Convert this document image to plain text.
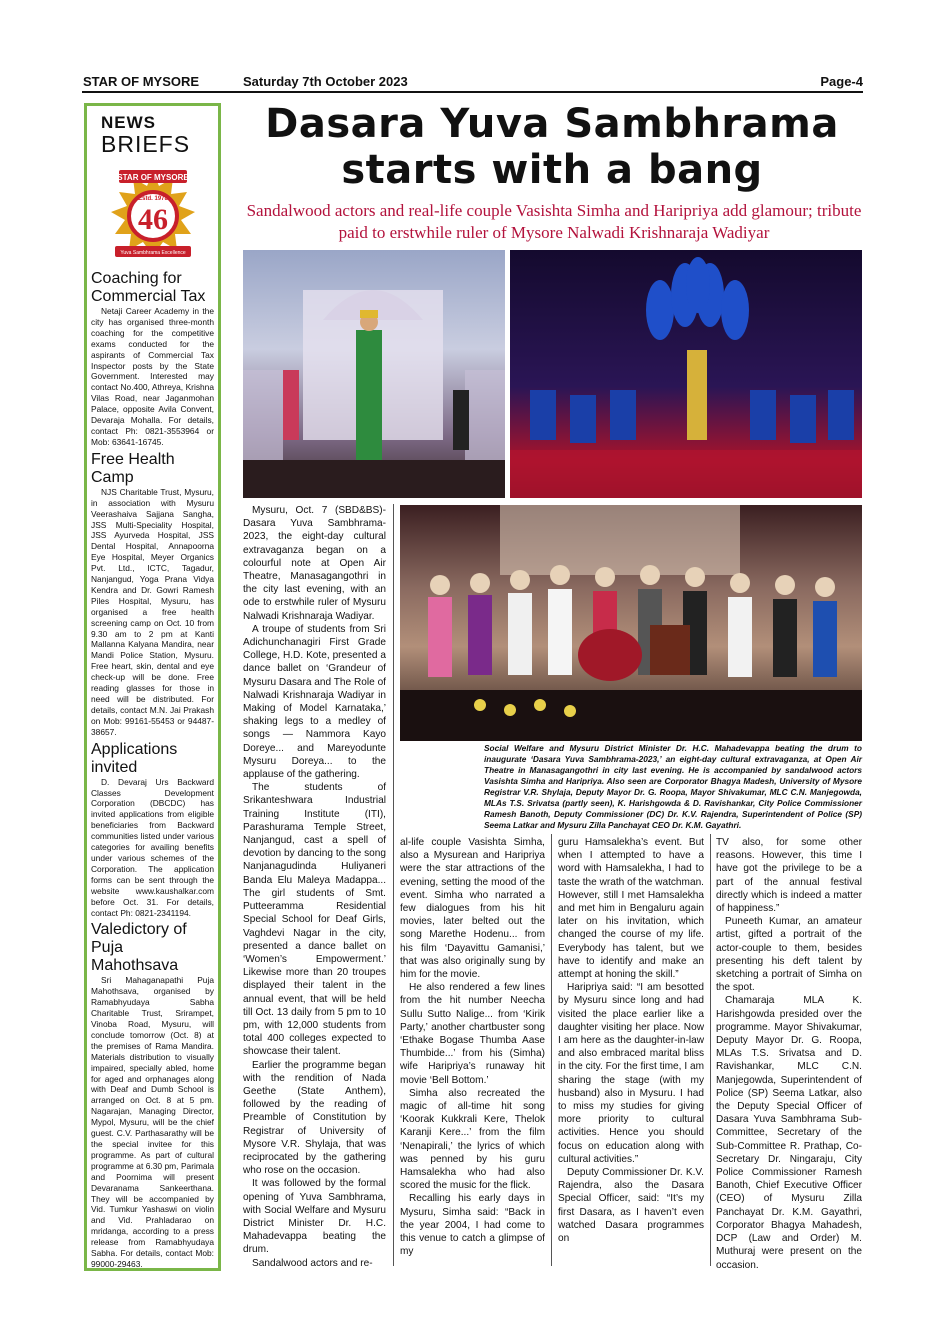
STAR OF MYSORE	Saturday 7th October 2023	Page-4
NEWS
BRIEFS
STAR OF MYSORE
Estd. 1978
46
Yuva Sambhrama Excellence
Coaching for Commercial Tax

Netaji Career Academy in the city has organised three-month coaching for the competitive exams conducted for the aspirants of Commercial Tax Inspector posts by the State Government. Interested may contact No.400, Athreya, Krishna Vilas Road, near Jaganmohan Palace, opposite Avila Convent, Devaraja Mohalla. For details, contact Ph: 0821-3553964 or Mob: 63641-16745.

Free Health Camp

NJS Charitable Trust, Mysuru, in association with Mysuru Veerashaiva Sajjana Sangha, JSS Multi-Speciality Hospital, JSS Ayurveda Hospital, JSS Dental Hospital, Annapoorna Eye Hospital, Meyer Organics Pvt. Ltd., ICTC, Tagadur, Nanjangud, Yoga Prana Vidya Kendra and Dr. Gowri Ramesh Piles Hospital, Mysuru, has organised a free health screening camp on Oct. 10 from 9.30 am to 2 pm at Kanti Mallanna Kalyana Mandira, near Mandi Police Station, Mysuru. Free heart, skin, dental and eye check-up will be done. Free reading glasses for those in need will be distributed. For details, contact M.N. Jai Prakash on Mob: 99161-55453 or 94487-38657.

Applications invited

D. Devaraj Urs Backward Classes Development Corporation (DBCDC) has invited applications from eligible beneficiaries from Backward communities listed under various categories for availing benefits under various schemes of the Corporation. The application forms can be sent through the website www.kaushalkar.com before Oct. 31. For details, contact Ph: 0821-2341194.

Valedictory of Puja Mahothsava

Sri Mahaganapathi Puja Mahothsava, organised by Ramabhyudaya Sabha Charitable Trust, Srirampet, Vinoba Road, Mysuru, will conclude tomorrow (Oct. 8) at the premises of Rama Mandira. Materials distribution to visually impaired, specially abled, home for aged and orphanages along with Deaf and Dumb School is arranged on Oct. 8 at 5 pm. Nagarajan, Managing Director, Mypol, Mysuru, will be the chief guest. C.V. Parthasarathy will be the special invitee for this programme. As part of cultural programme at 6.30 pm, Parimala and Poornima will present Devaranama Sankeerthana. They will be accompanied by Vid. Tumkur Yashaswi on violin and Vid. Prahladarao on mridanga, according to a press release from Ramabhyudaya Sabha. For details, contact Mob: 99000-29463.

Dasara Yuva Sambhrama
starts with a bang
Sandalwood actors and real-life couple Vasishta Simha and Haripriya add glamour; tribute paid to erstwhile ruler of Mysore Nalwadi Krishnaraja Wadiyar
Social Welfare and Mysuru District Minister Dr. H.C. Mahadevappa beating the drum to inaugurate ‘Dasara Yuva Sambhrama-2023,’ an eight-day cultural extravaganza, at Open Air Theatre in Manasagangothri in city last evening. He is accompanied by sandalwood actors Vasishta Simha and Haripriya. Also seen are Corporator Bhagya Madesh, University of Mysore Registrar V.R. Shylaja, Deputy Mayor Dr. G. Roopa, Mayor Shivakumar, MLC C.N. Manjegowda, MLAs T.S. Srivatsa (partly seen), K. Harishgowda & D. Ravishankar, City Police Commissioner Ramesh Banoth, Deputy Commissioner (DC) Dr. K.V. Rajendra, Superintendent of Police (SP) Seema Latkar and Mysuru Zilla Panchayat CEO Dr. K.M. Gayathri.

Mysuru, Oct. 7 (SBD&BS)- Dasara Yuva Sambhrama-2023, the eight-day cultural extravaganza began on a colourful note at Open Air Theatre, Manasagangothri in the city last evening, with an ode to erstwhile ruler of Mysuru Nalwadi Krishnaraja Wadiyar.

A troupe of students from Sri Adichunchanagiri First Grade College, H.D. Kote, presented a dance ballet on ‘Grandeur of Mysuru Dasara and The Role of Nalwadi Krishnaraja Wadiyar in Making of Model Karnataka,’ shaking legs to a medley of songs — Nammora Kayo Doreye... and Mareyodunte Mysuru Doreya... to the applause of the gathering.

The students of Srikanteshwara Industrial Training Institute (ITI), Parashurama Temple Street, Nanjangud, cast a spell of devotion by dancing to the song Nanjanagudinda Huliyaneri Banda Elu Maleya Madappa... The girl students of Smt. Putteeramma Residential Special School for Deaf Girls, Vaghdevi Nagar in the city, presented a dance ballet on ‘Women’s Empowerment.’ Likewise more than 20 troupes displayed their talent in the annual event, that will be held till Oct. 13 daily from 5 pm to 10 pm, with 12,000 students from total 400 colleges expected to showcase their talent.

Earlier the programme began with the rendition of Nada Geethe (State Anthem), followed by the reading of Preamble of Constitution by Registrar of University of Mysore V.R. Shylaja, that was reciprocated by the gathering who rose on the occasion.

It was followed by the formal opening of Yuva Sambhrama, with Social Welfare and Mysuru District Minister Dr. H.C. Mahadevappa beating the drum.

Sandalwood actors and re-

al-life couple Vasishta Simha, also a Mysurean and Haripriya were the star attractions of the evening, setting the mood of the event. Simha who narrated a few dialogues from his hit movies, later belted out the song Marethe Hodenu... from his film ‘Dayavittu Gamanisi,’ that was also originally sung by him for the movie.

He also rendered a few lines from the hit number Neecha Sullu Sutto Nalige... from ‘Kirik Party,’ another chartbuster song ‘Ethake Bogase Thumba Aase Thumbide...’ from his (Simha) wife Haripriya’s runaway hit movie ‘Bell Bottom.’

Simha also recreated the magic of all-time hit song ‘Koorak Kukkrali Kere, Thelok Karanji Kere...’ from the film ‘Nenapirali,’ the lyrics of which was penned by his guru Hamsalekha who had also scored the music for the flick.

Recalling his early days in Mysuru, Simha said: “Back in the year 2004, I had come to this venue to catch a glimpse of my

guru Hamsalekha’s event. But when I attempted to have a word with Hamsalekha, I had to taste the wrath of the watchman. However, still I met Hamsalekha and met him in Bengaluru again later on his invitation, which changed the course of my life. Everybody has talent, but we have to identify and make an attempt at honing the skill.”

Haripriya said: “I am besotted by Mysuru since long and had visited the place earlier like a daughter visiting her place. Now I am here as the daughter-in-law and also embraced marital bliss in the city. For the first time, I am sharing the stage (with my husband) also in Mysuru. I had to miss my studies for giving more priority to cultural activities. Hence you should focus on education along with cultural activities.”

Deputy Commissioner Dr. K.V. Rajendra, also the Dasara Special Officer, said: “It’s my first Dasara, as I haven’t even watched Dasara programmes on

TV also, for some other reasons. However, this time I have got the privilege to be a part of the annual festival directly which is indeed a matter of happiness.”

Puneeth Kumar, an amateur artist, gifted a portrait of the actor-couple to them, besides presenting his deft talent by sketching a portrait of Simha on the spot.

Chamaraja MLA K. Harishgowda presided over the programme. Mayor Shivakumar, Deputy Mayor Dr. G. Roopa, MLAs T.S. Srivatsa and D. Ravishankar, MLC C.N. Manjegowda, Superintendent of Police (SP) Seema Latkar, also the Deputy Special Officer of Dasara Yuva Sambhrama Sub-Committee, Secretary of the Sub-Committee R. Prathap, Co-Secretary Dr. Ningaraju, City Police Commissioner Ramesh Banoth, Chief Executive Officer (CEO) of Mysuru Zilla Panchayat Dr. K.M. Gayathri, Corporator Bhagya Mahadesh, DCP (Law and Order) M. Muthuraj were present on the occasion.
